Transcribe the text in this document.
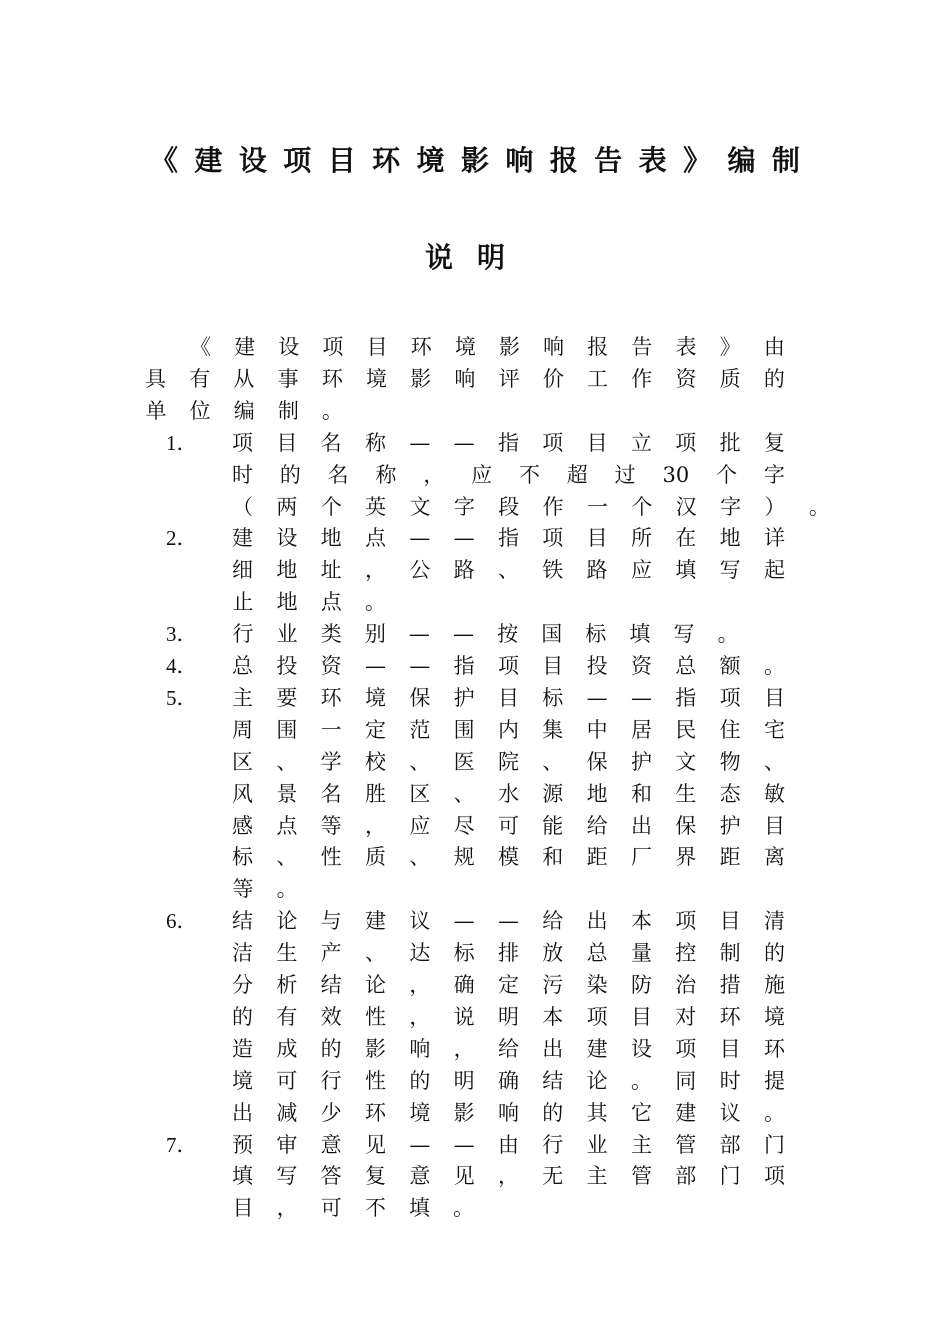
《 建 设 项 目 环 境 影 响 报 告 表 》 编 制
说 明
《 建 设 项 目 环 境 影 响 报 告 表 》 由
具 有 从 事 环 境 影 响 评 价 工 作 资 质 的
单	位	编	制	。
1．	项 目 名 称 — — 指 项 目 立 项 批 复
时 的 名 称 ， 应 不 超 过 30 个 字
（ 两 个 英 文 字 段 作 一 个 汉 字 ） 。
2．	建 设 地 点 — — 指 项 目 所 在 地 详
细 地 址 ， 公 路 、 铁 路 应 填 写 起
止	地	点	。
3．	行	业	类	别	—	—	按	国	标	填	写	。
4．	总 投 资 — — 指 项 目 投 资 总 额 。
5．	主 要 环 境 保 护 目 标 — — 指 项 目
周 围 一 定 范 围 内 集 中 居 民 住 宅
区 、 学 校 、 医 院 、 保 护 文 物 、
风 景 名 胜 区 、 水 源 地 和 生 态 敏
感 点 等 ， 应 尽 可 能 给 出 保 护 目
标 、 性 质 、 规 模 和 距 厂 界 距 离
等	。
6．	结 论 与 建 议 — — 给 出 本 项 目 清
洁 生 产 、 达 标 排 放 总 量 控 制 的
分 析 结 论 ， 确 定 污 染 防 治 措 施
的 有 效 性 ， 说 明 本 项 目 对 环 境
造 成 的 影 响 ， 给 出 建 设 项 目 环
境 可 行 性 的 明 确 结 论 。 同 时 提
出 减 少 环 境 影 响 的 其 它 建 议 。
7．	预 审 意 见 — — 由 行 业 主 管 部 门
填 写 答 复 意 见 ， 无 主 管 部 门 项
目	，	可	不	填	。
